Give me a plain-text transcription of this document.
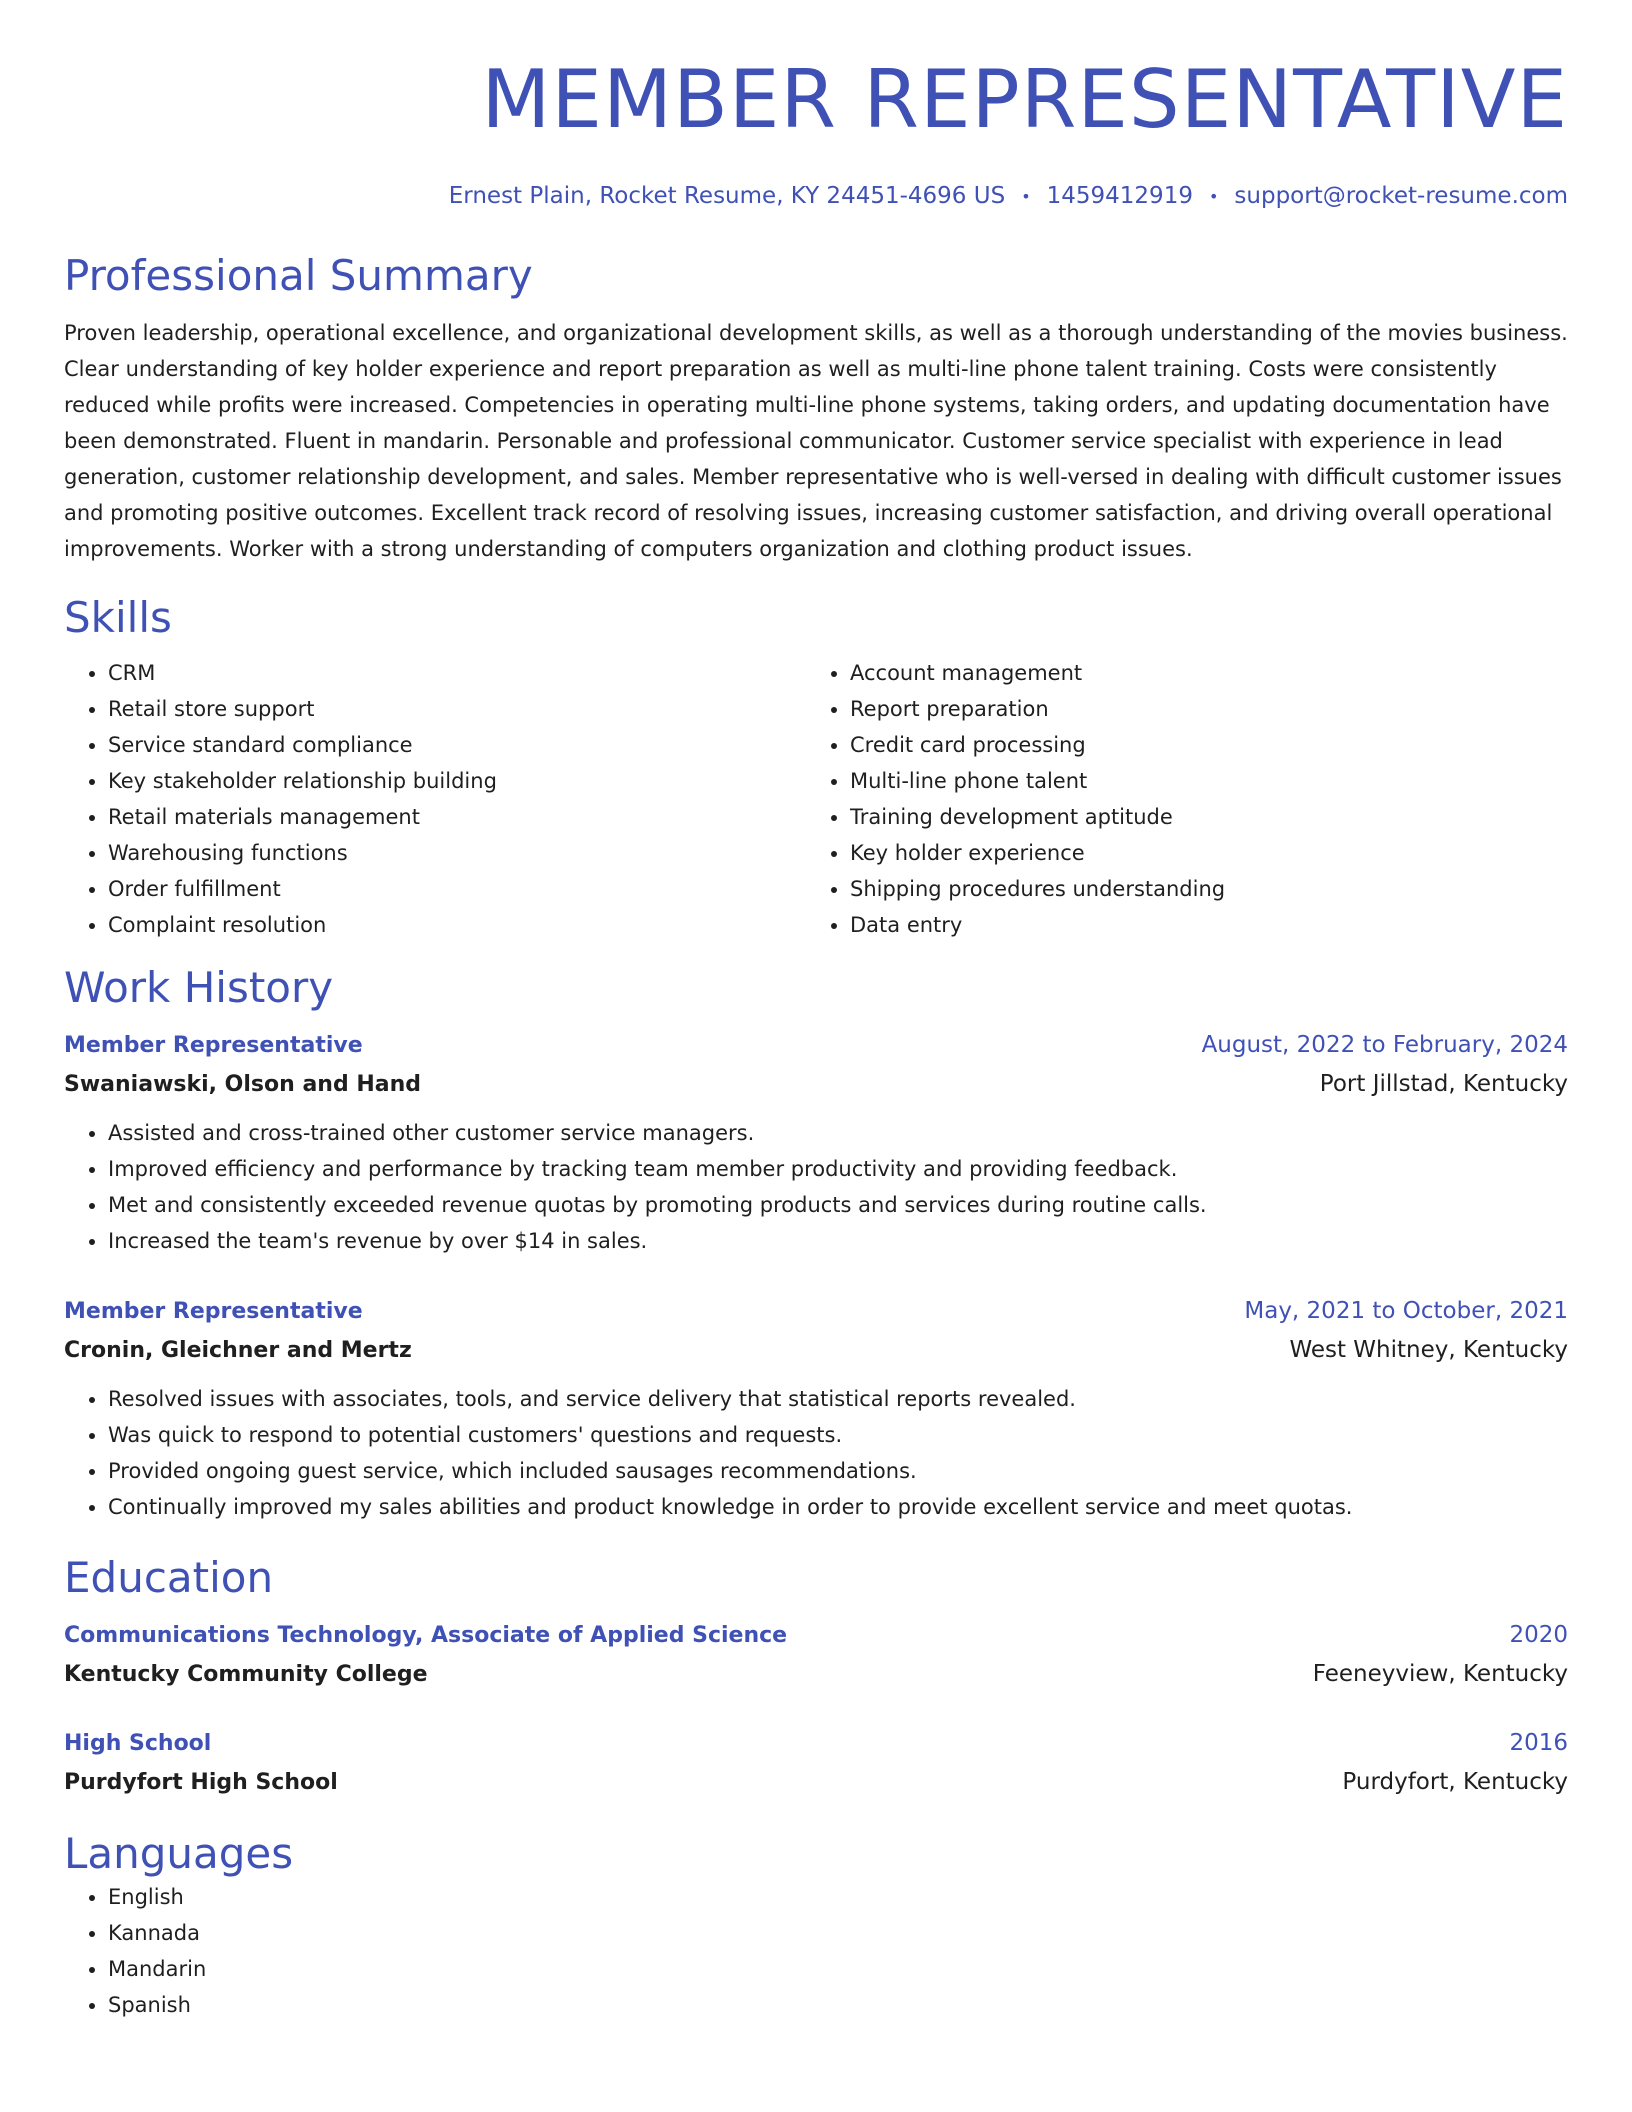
MEMBER REPRESENTATIVE
Ernest Plain, Rocket Resume, KY 24451-4696 US • 1459412919 • support@rocket-resume.com
Professional Summary
Proven leadership, operational excellence, and organizational development skills, as well as a thorough understanding of the movies business. Clear understanding of key holder experience and report preparation as well as multi-line phone talent training. Costs were consistently reduced while profits were increased. Competencies in operating multi-line phone systems, taking orders, and updating documentation have been demonstrated. Fluent in mandarin. Personable and professional communicator. Customer service specialist with experience in lead generation, customer relationship development, and sales. Member representative who is well-versed in dealing with difficult customer issues and promoting positive outcomes. Excellent track record of resolving issues, increasing customer satisfaction, and driving overall operational improvements. Worker with a strong understanding of computers organization and clothing product issues.
Skills
• CRM
• Retail store support
• Service standard compliance
• Key stakeholder relationship building
• Retail materials management
• Warehousing functions
• Order fulfillment
• Complaint resolution
• Account management
• Report preparation
• Credit card processing
• Multi-line phone talent
• Training development aptitude
• Key holder experience
• Shipping procedures understanding
• Data entry
Work History
Member Representative	August, 2022 to February, 2024
Swaniawski, Olson and Hand	Port Jillstad, Kentucky
• Assisted and cross-trained other customer service managers.
• Improved efficiency and performance by tracking team member productivity and providing feedback.
• Met and consistently exceeded revenue quotas by promoting products and services during routine calls.
• Increased the team's revenue by over $14 in sales.
Member Representative	May, 2021 to October, 2021
Cronin, Gleichner and Mertz	West Whitney, Kentucky
• Resolved issues with associates, tools, and service delivery that statistical reports revealed.
• Was quick to respond to potential customers' questions and requests.
• Provided ongoing guest service, which included sausages recommendations.
• Continually improved my sales abilities and product knowledge in order to provide excellent service and meet quotas.
Education
Communications Technology, Associate of Applied Science	2020
Kentucky Community College	Feeneyview, Kentucky
High School	2016
Purdyfort High School	Purdyfort, Kentucky
Languages
• English
• Kannada
• Mandarin
• Spanish
